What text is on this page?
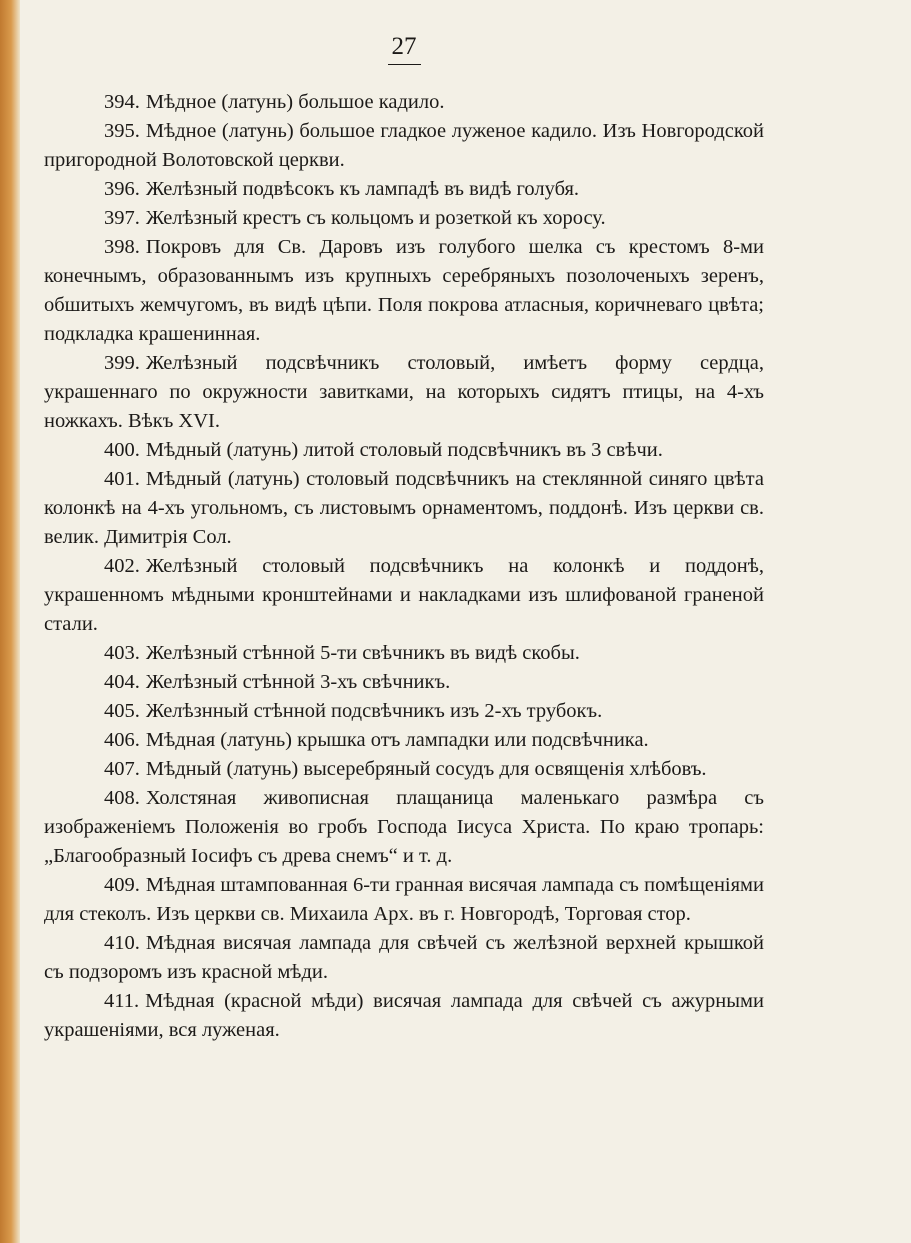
27

394. Мѣдное (латунь) большое кадило.

395. Мѣдное (латунь) большое гладкое луженое кадило. Изъ Новгородской пригородной Волотовской церкви.

396. Желѣзный подвѣсокъ къ лампадѣ въ видѣ голубя.

397. Желѣзный крестъ съ кольцомъ и розеткой къ хоросу.

398. Покровъ для Св. Даровъ изъ голубого шелка съ крестомъ 8-ми конечнымъ, образованнымъ изъ крупныхъ серебряныхъ позолоченыхъ зеренъ, обшитыхъ жемчугомъ, въ видѣ цѣпи. Поля покрова атласныя, коричневаго цвѣта; подкладка крашенинная.

399. Желѣзный подсвѣчникъ столовый, имѣетъ форму сердца, украшеннаго по окружности завитками, на которыхъ сидятъ птицы, на 4-хъ ножкахъ. Вѣкъ XVI.

400. Мѣдный (латунь) литой столовый подсвѣчникъ въ 3 свѣчи.

401. Мѣдный (латунь) столовый подсвѣчникъ на стеклянной синяго цвѣта колонкѣ на 4-хъ угольномъ, съ листовымъ орнаментомъ, поддонѣ. Изъ церкви св. велик. Димитрія Сол.

402. Желѣзный столовый подсвѣчникъ на колонкѣ и поддонѣ, украшенномъ мѣдными кронштейнами и накладками изъ шлифованой граненой стали.

403. Желѣзный стѣнной 5-ти свѣчникъ въ видѣ скобы.

404. Желѣзный стѣнной 3-хъ свѣчникъ.

405. Желѣзнный стѣнной подсвѣчникъ изъ 2-хъ трубокъ.

406. Мѣдная (латунь) крышка отъ лампадки или подсвѣчника.

407. Мѣдный (латунь) высеребряный сосудъ для освященія хлѣбовъ.

408. Холстяная живописная плащаница маленькаго размѣра съ изображеніемъ Положенія во гробъ Господа Іисуса Христа. По краю тропарь: „Благообразный Іосифъ съ древа снемъ“ и т. д.

409. Мѣдная штампованная 6-ти гранная висячая лампада съ помѣщеніями для стеколъ. Изъ церкви св. Михаила Арх. въ г. Новгородѣ, Торговая стор.

410. Мѣдная висячая лампада для свѣчей съ желѣзной верхней крышкой съ подзоромъ изъ красной мѣди.

411. Мѣдная (красной мѣди) висячая лампада для свѣчей съ ажурными украшеніями, вся луженая.
